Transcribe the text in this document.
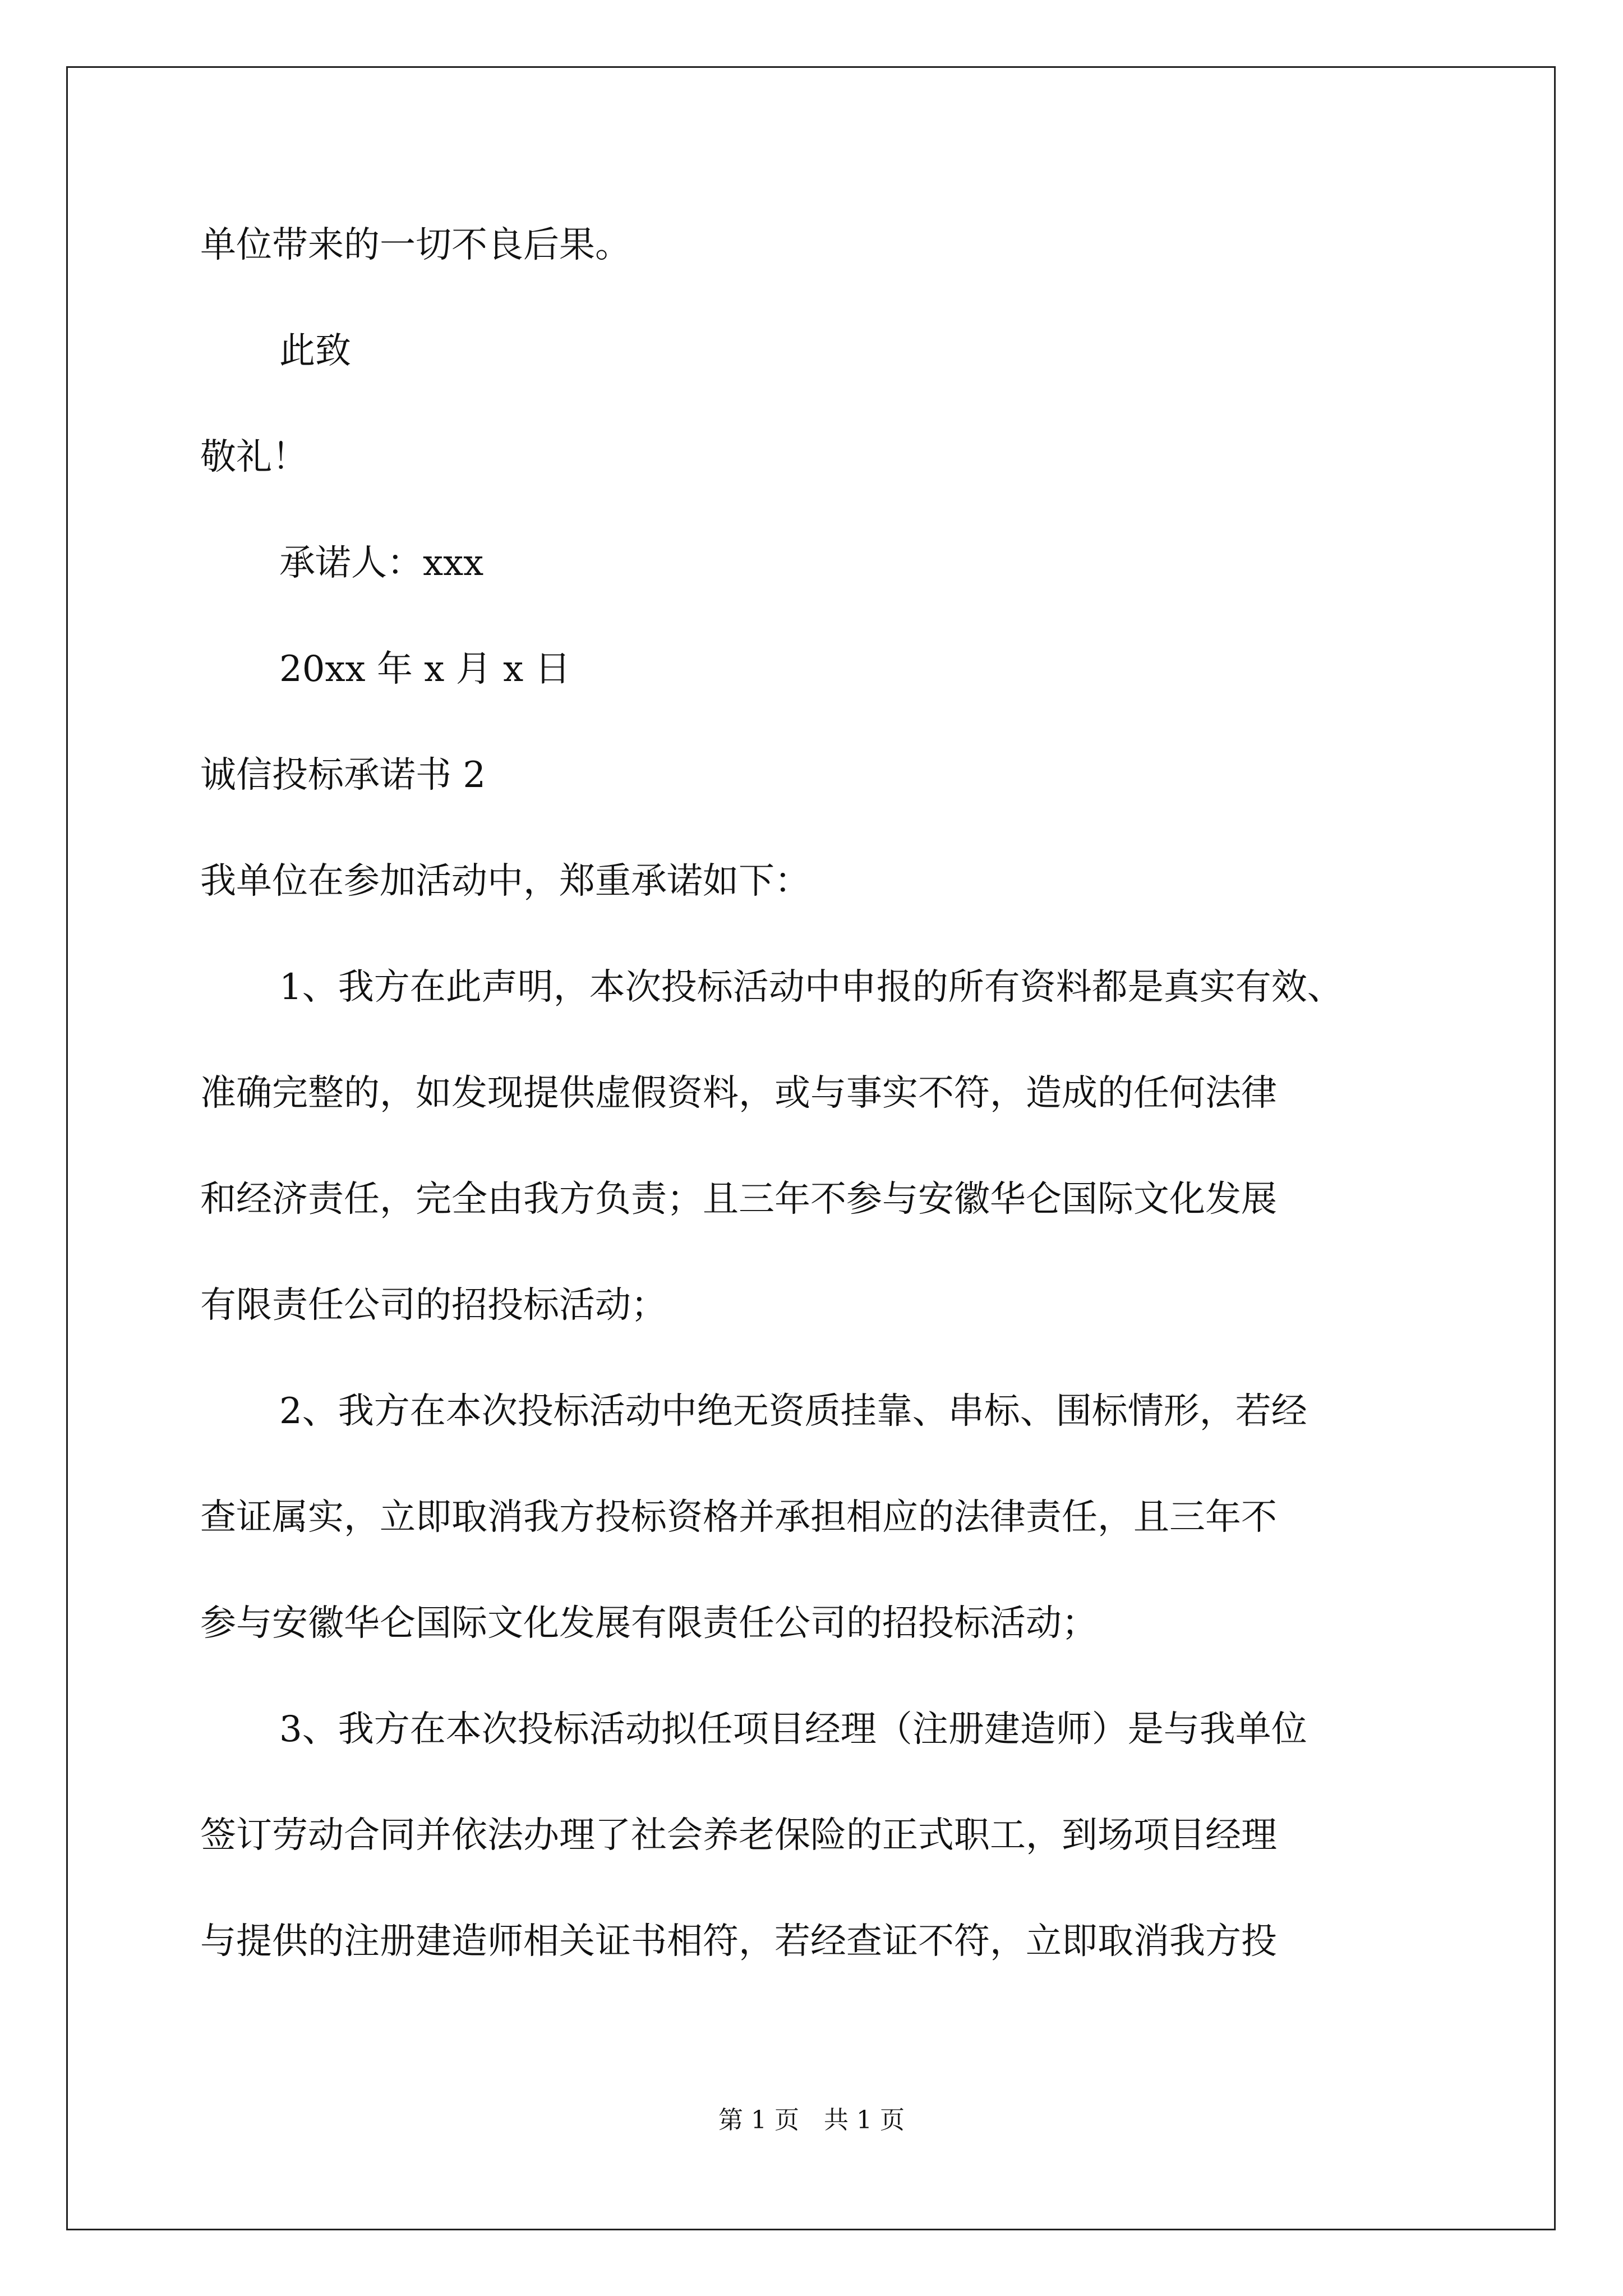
单位带来的一切不良后果。
此致
敬礼！
承诺人：xxx
20xx 年 x 月 x 日
诚信投标承诺书 2
我单位在参加活动中，郑重承诺如下：
1、我方在此声明，本次投标活动中申报的所有资料都是真实有效、
准确完整的，如发现提供虚假资料，或与事实不符，造成的任何法律
和经济责任，完全由我方负责；且三年不参与安徽华仑国际文化发展
有限责任公司的招投标活动；
2、我方在本次投标活动中绝无资质挂靠、串标、围标情形，若经
查证属实，立即取消我方投标资格并承担相应的法律责任，且三年不
参与安徽华仑国际文化发展有限责任公司的招投标活动；
3、我方在本次投标活动拟任项目经理（注册建造师）是与我单位
签订劳动合同并依法办理了社会养老保险的正式职工，到场项目经理
与提供的注册建造师相关证书相符，若经查证不符，立即取消我方投
第 1 页 共 1 页
